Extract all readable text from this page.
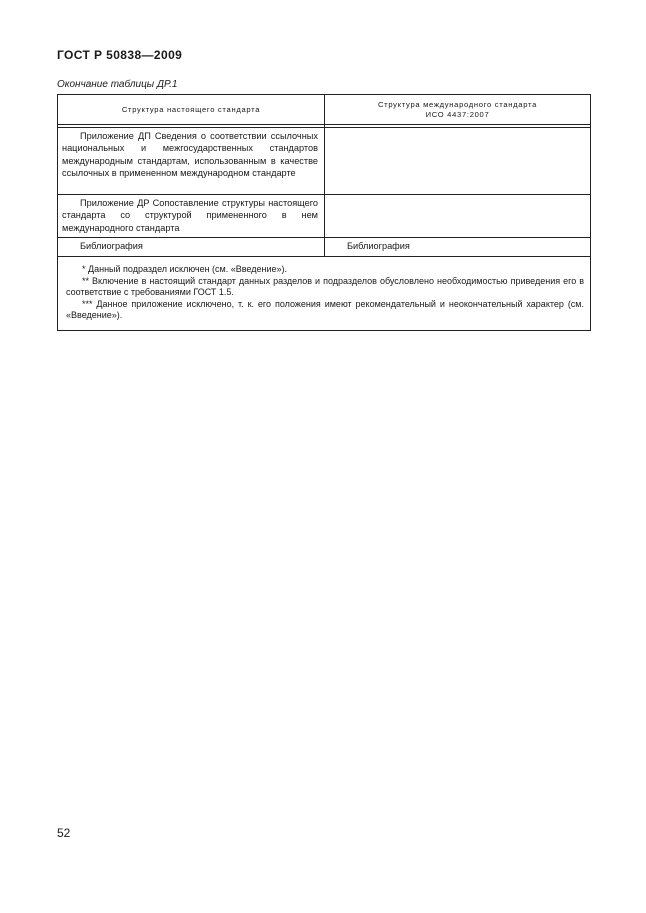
ГОСТ Р 50838—2009
Окончание таблицы ДР.1
Структура настоящего стандарта
Структура международного стандарта
ИСО 4437:2007
Приложение ДП Сведения о соответствии ссылочных национальных и межгосударственных стандартов международным стандартам, использованным в качестве ссылочных в примененном международном стандарте
Приложение ДР Сопоставление структуры настоящего стандарта со структурой примененного в нем международного стандарта
Библиография	Библиография
* Данный подраздел исключен (см. «Введение»).
** Включение в настоящий стандарт данных разделов и подразделов обусловлено необходимостью приведения его в соответствие с требованиями ГОСТ 1.5.
*** Данное приложение исключено, т. к. его положения имеют рекомендательный и неокончательный характер (см. «Введение»).
52
